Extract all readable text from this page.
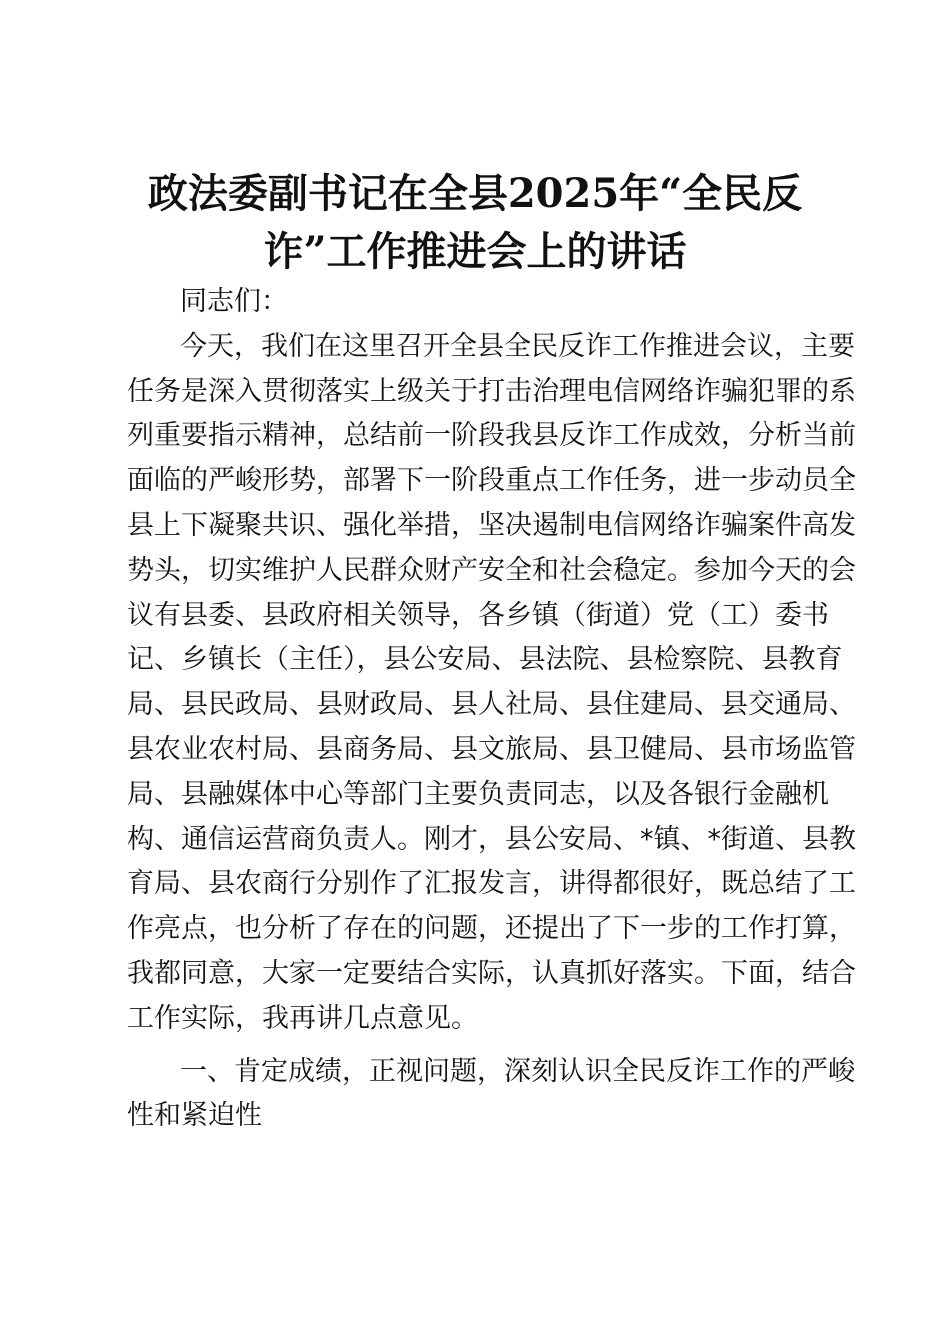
政法委副书记在全县2025年“全民反
诈”工作推进会上的讲话
同志们：
今天，我们在这里召开全县全民反诈工作推进会议，主要
任务是深入贯彻落实上级关于打击治理电信网络诈骗犯罪的系
列重要指示精神，总结前一阶段我县反诈工作成效，分析当前
面临的严峻形势，部署下一阶段重点工作任务，进一步动员全
县上下凝聚共识、强化举措，坚决遏制电信网络诈骗案件高发
势头，切实维护人民群众财产安全和社会稳定。参加今天的会
议有县委、县政府相关领导，各乡镇（街道）党（工）委书
记、乡镇长（主任），县公安局、县法院、县检察院、县教育
局、县民政局、县财政局、县人社局、县住建局、县交通局、
县农业农村局、县商务局、县文旅局、县卫健局、县市场监管
局、县融媒体中心等部门主要负责同志，以及各银行金融机
构、通信运营商负责人。刚才，县公安局、*镇、*街道、县教
育局、县农商行分别作了汇报发言，讲得都很好，既总结了工
作亮点，也分析了存在的问题，还提出了下一步的工作打算，
我都同意，大家一定要结合实际，认真抓好落实。下面，结合
工作实际，我再讲几点意见。
一、肯定成绩，正视问题，深刻认识全民反诈工作的严峻
性和紧迫性
